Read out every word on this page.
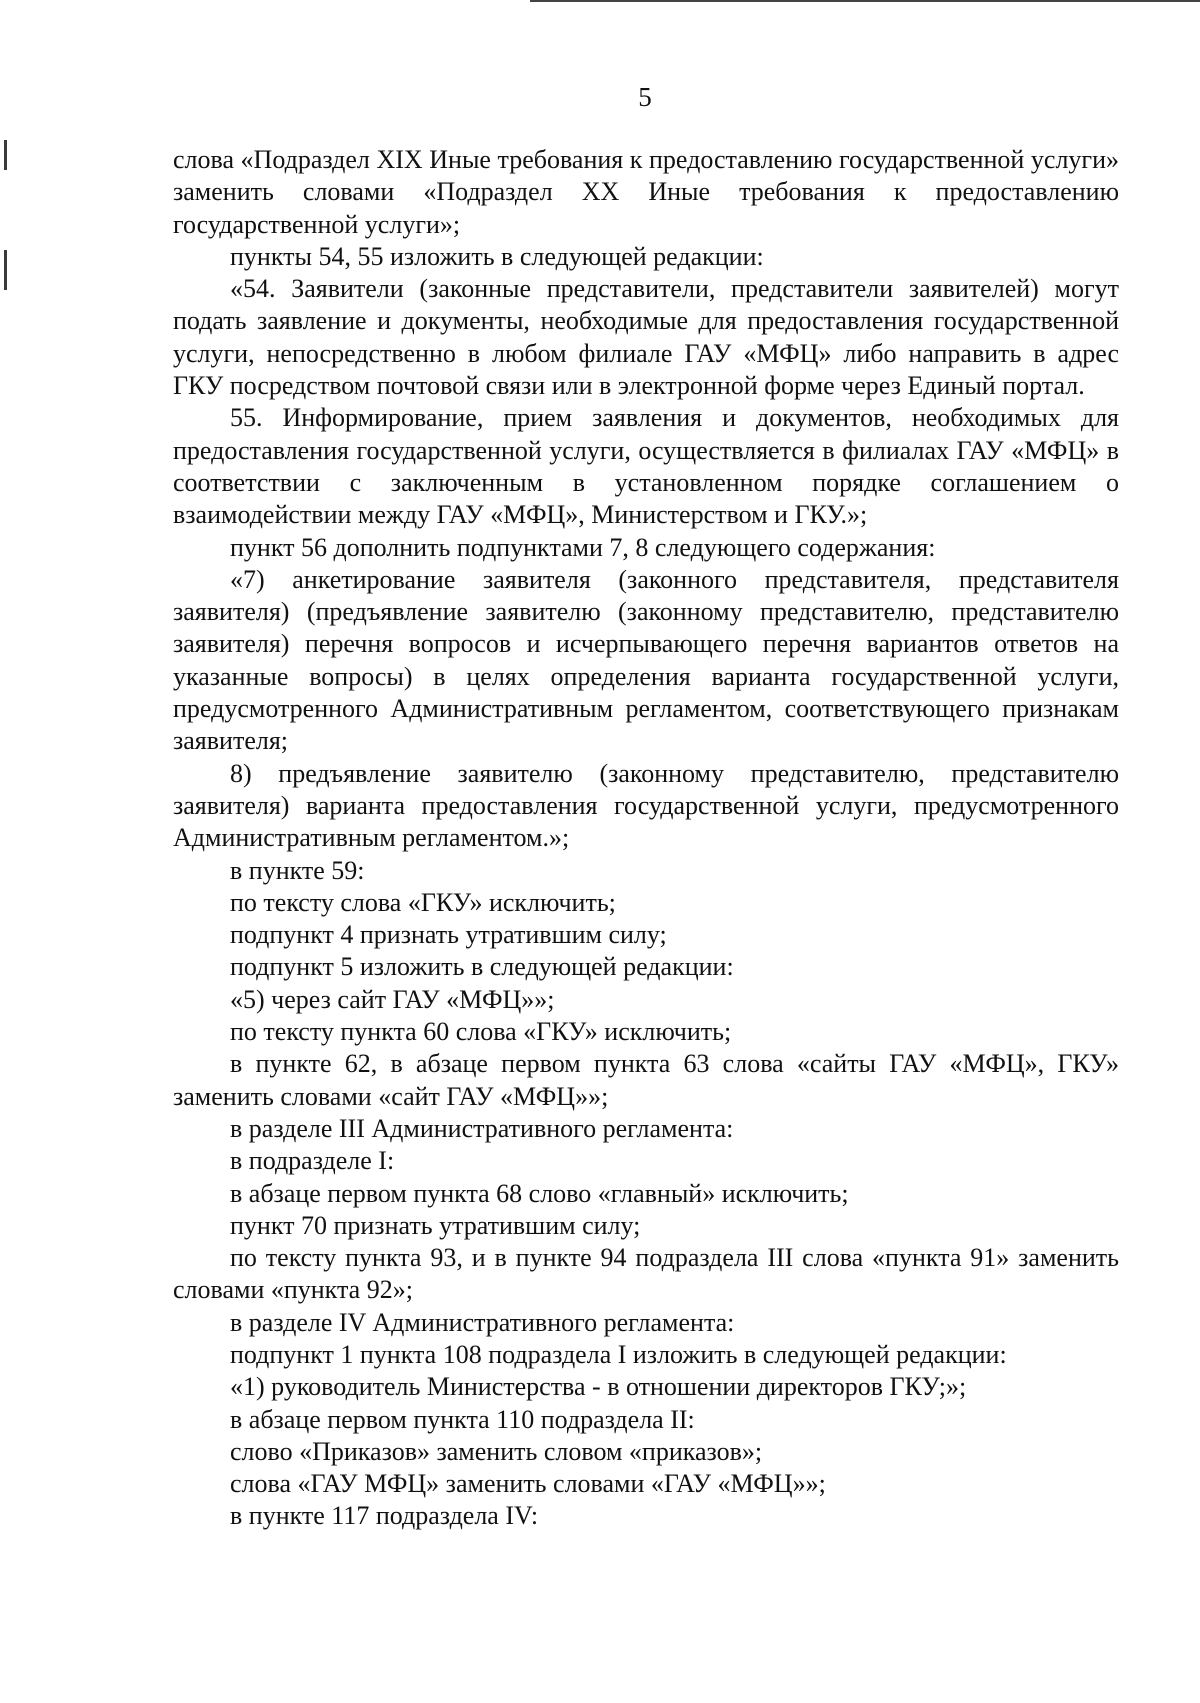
5

слова «Подраздел XIX Иные требования к предоставлению государственной услуги» заменить словами «Подраздел XX Иные требования к предоставлению государственной услуги»;

пункты 54, 55 изложить в следующей редакции:

«54. Заявители (законные представители, представители заявителей) могут подать заявление и документы, необходимые для предоставления государственной услуги, непосредственно в любом филиале ГАУ «МФЦ» либо направить в адрес ГКУ посредством почтовой связи или в электронной форме через Единый портал.

55. Информирование, прием заявления и документов, необходимых для предоставления государственной услуги, осуществляется в филиалах ГАУ «МФЦ» в соответствии с заключенным в установленном порядке соглашением о взаимодействии между ГАУ «МФЦ», Министерством и ГКУ.»;

пункт 56 дополнить подпунктами 7, 8 следующего содержания:

«7) анкетирование заявителя (законного представителя, представителя заявителя) (предъявление заявителю (законному представителю, представителю заявителя) перечня вопросов и исчерпывающего перечня вариантов ответов на указанные вопросы) в целях определения варианта государственной услуги, предусмотренного Административным регламентом, соответствующего признакам заявителя;

8) предъявление заявителю (законному представителю, представителю заявителя) варианта предоставления государственной услуги, предусмотренного Административным регламентом.»;

в пункте 59:

по тексту слова «ГКУ» исключить;

подпункт 4 признать утратившим силу;

подпункт 5 изложить в следующей редакции:

«5) через сайт ГАУ «МФЦ»»;

по тексту пункта 60 слова «ГКУ» исключить;

в пункте 62, в абзаце первом пункта 63 слова «сайты ГАУ «МФЦ», ГКУ» заменить словами «сайт ГАУ «МФЦ»»;

в разделе III Административного регламента:

в подразделе I:

в абзаце первом пункта 68 слово «главный» исключить;

пункт 70 признать утратившим силу;

по тексту пункта 93, и в пункте 94 подраздела III слова «пункта 91» заменить словами «пункта 92»;

в разделе IV Административного регламента:

подпункт 1 пункта 108 подраздела I изложить в следующей редакции:

«1) руководитель Министерства - в отношении директоров ГКУ;»;

в абзаце первом пункта 110 подраздела II:

слово «Приказов» заменить словом «приказов»;

слова «ГАУ МФЦ» заменить словами «ГАУ «МФЦ»»;

в пункте 117 подраздела IV:
